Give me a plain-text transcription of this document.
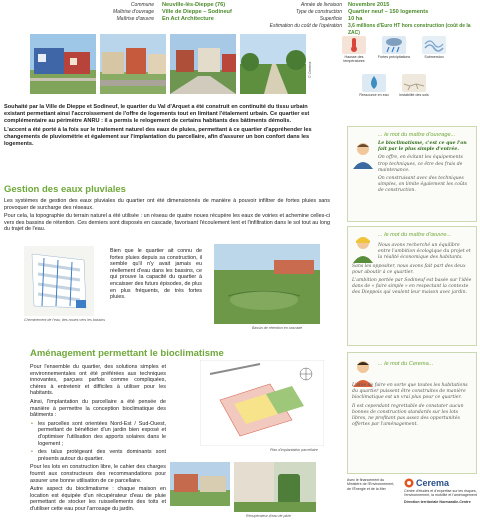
Commune
Maîtrise d'ouvrage
Maîtrise d'œuvre
Neuville-lès-Dieppe (76)
Ville de Dieppe – Sodineuf
En Act Architecture
Année de livraison
Type de construction
Superficie
Estimation du coût de l'opération
Novembre 2015
Quartier neuf – 150 logements
10 ha
3,6 millions d'Euro HT hors construction (coût de la ZAC)
© Cerema
Hausse des températures
Fortes précipitations	Submersion
Ressource en eau	Instabilité des sols

Souhaité par la Ville de Dieppe et Sodineuf, le quartier du Val d'Arquet a été construit en continuité du tissu urbain existant permettant ainsi l'accroissement de l'offre de logements tout en limitant l'étalement urbain. Ce quartier est complémentaire au périmètre ANRU : il a permis le relogement de certains habitants des bâtiments démolis.

L'accent a été porté à la fois sur le traitement naturel des eaux de pluies, permettant à ce quartier d'appréhender les changements de pluviométrie et également sur l'implantation du parcellaire, afin d'assurer un bon confort dans les logements.

Gestion des eaux pluviales

Les systèmes de gestion des eaux pluviales du quartier ont été dimensionnés de manière à pouvoir infiltrer de fortes pluies sans provoquer de surcharge des réseaux.

Pour cela, la topographie du terrain naturel a été utilisée : un réseau de quatre noues récupère les eaux de voiries et achemine celles-ci vers des bassins de rétention. Ces derniers sont disposés en cascade, favorisant l'écoulement lent et l'infiltration dans le sol tout au long du trajet de l'eau.

Cheminement de l'eau, des noues vers les bassins
Bien que le quartier ait connu de fortes pluies depuis sa construction, il semble qu'il n'y avait jamais eu réellement d'eau dans les bassins, ce qui prouve la capacité du quartier à encaisser des futurs épisodes, de plus en plus fréquents, de très fortes pluies.
Bassin de rétention en cascade
Aménagement permettant le bioclimatisme

Pour l'ensemble du quartier, des solutions simples et environnementales ont été préférées aux techniques innovantes, parçues parfois comme compliquées, chères à entretenir et difficiles à utiliser pour les habitants.

Ainsi, l'implantation du parcellaire a été pensée de manière à permettre la conception bioclimatique des bâtiments :

• les parcelles sont orientées Nord-Est / Sud-Ouest, permettant de bénéficier d'un jardin bien exposé et d'optimiser l'utilisation des apports solaires dans le logement ;

• des talus protégeant des vents dominants sont présents autour du quartier.

Pour les lots en construction libre, le cahier des charges fournit aux constructeurs des recommandations pour assurer une bonne utilisation de ce parcellaire.

Autre aspect du bioclimatisme : chaque maison en location est équipée d'un récupérateur d'eau de pluie permettant de stocker les ruissellements des toits et d'utiliser cette eau pour l'arrosage du jardin.

Plan d'implantation parcellaire
Récupérateur d'eau de pluie
... le mot du maître d'ouvrage...

Le bioclimatisme, c'est ce que l'on fait par le plus simple d'entrée.

On offre, en évitant les équipements trop techniques, ce être des frais de maintenance.

On construisant avec des techniques simples, on limite également les coûts de construction.

... le mot du maître d'œuvre...

Nous avons recherché un équilibre entre l'ambition écologique du projet et la réalité économique des habitants.

Sans les oppositer, nous avons fait part des deux pour aboutir à ce quartier.

L'ambition portée par Sodineuf est basée sur l'idée dans de « faire simple » en respectant la contexte des Dieppois qui veulent leur maison avec jardin.

... le mot du Cerema...

L'idée de faire en sorte que toutes les habitations du quartier puissent être construites de manière bioclimatique est un vrai plus pour ce quartier.

Il est cependant regrettable de constater aucun bonnes de construction standards sur les lots libres, ne profitant pas assez des opportunités offertes par l'aménagement.

Avec le financement du Ministère de l'Environnement, de l'Énergie et de la Mer
Cerema
Centre d'études et d'expertise sur les risques, l'environnement, la mobilité et l'aménagement
Direction territoriale Normandie-Centre
